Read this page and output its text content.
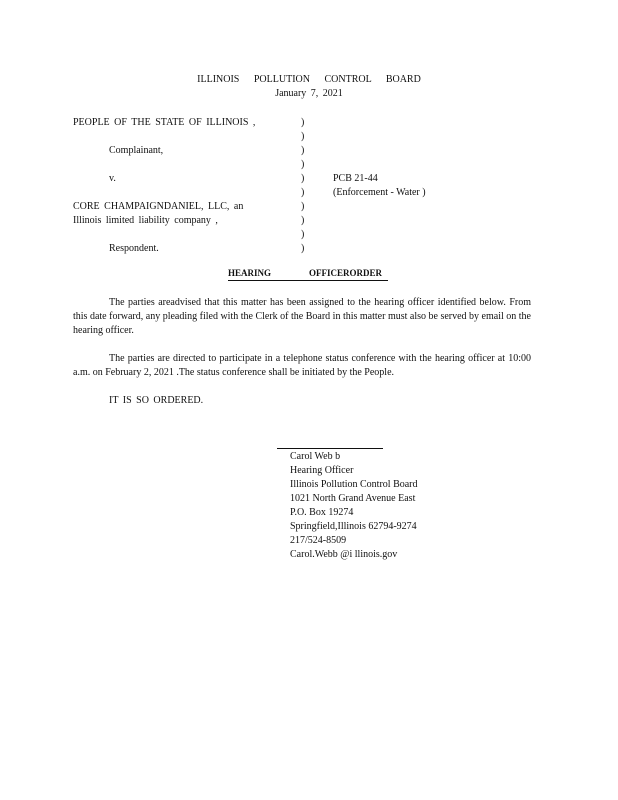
ILLINOIS POLLUTION CONTROL BOARD
January 7, 2021
PEOPLE OF THE STATE OF ILLINOIS ,
Complainant,
v.
CORE CHAMPAIGNDANIEL, LLC, an
Illinois limited liability company ,
Respondent.
)
)
)
)
)
)
)
)
)
)
PCB 21-44
(Enforcement - Water )
HEARING	OFFICERORDER
The parties areadvised that this matter has been assigned to the hearing officer identified below. From this date forward, any pleading filed with the Clerk of the Board in this matter must also be served by email on the hearing officer.
The parties are directed to participate in a telephone status conference with the hearing officer at 10:00 a.m. on February 2, 2021 .The status conference shall be initiated by the People.
IT IS SO ORDERED.
Carol Web b
Hearing Officer
Illinois Pollution Control Board
1021 North Grand Avenue East
P.O. Box 19274
Springfield,Illinois 62794-9274
217/524-8509
Carol.Webb @i llinois.gov
